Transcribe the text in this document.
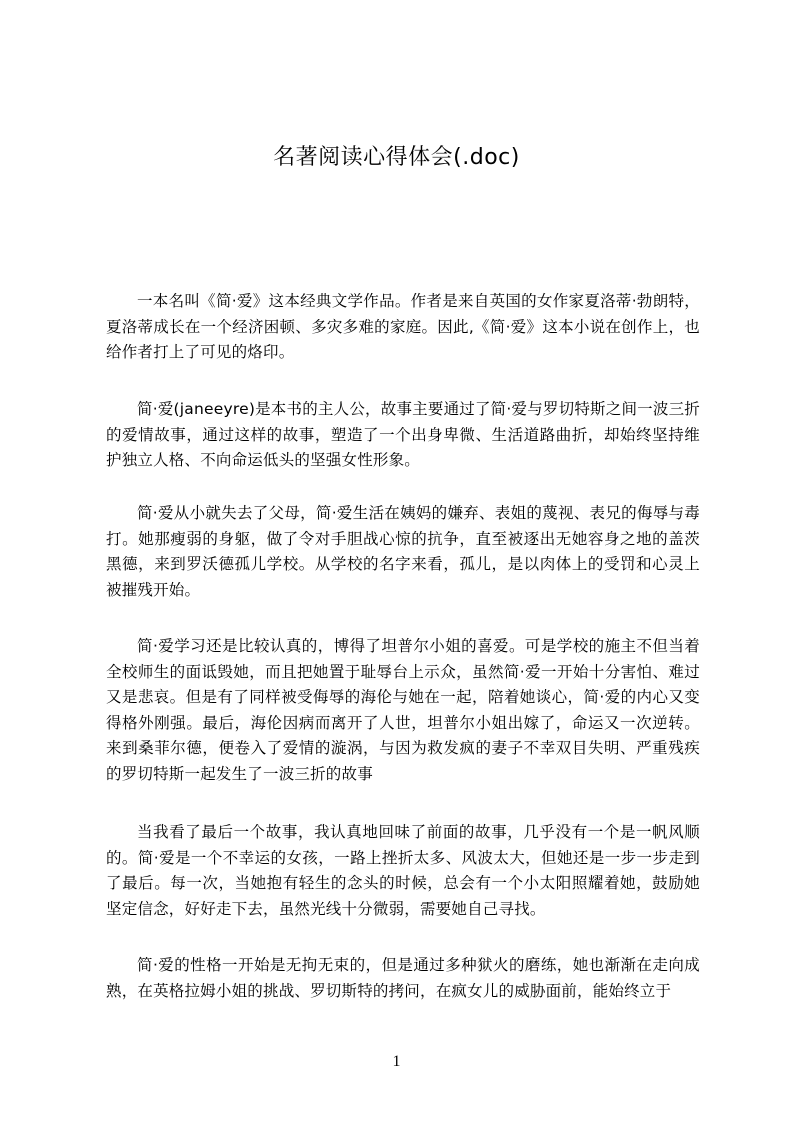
名著阅读心得体会(.doc)

一本名叫《简·爱》这本经典文学作品。作者是来自英国的女作家夏洛蒂·勃朗特，夏洛蒂成长在一个经济困顿、多灾多难的家庭。因此,《简·爱》这本小说在创作上，也给作者打上了可见的烙印。

简·爱(janeeyre)是本书的主人公，故事主要通过了简·爱与罗切特斯之间一波三折的爱情故事，通过这样的故事，塑造了一个出身卑微、生活道路曲折，却始终坚持维护独立人格、不向命运低头的坚强女性形象。

简·爱从小就失去了父母，简·爱生活在姨妈的嫌弃、表姐的蔑视、表兄的侮辱与毒打。她那瘦弱的身躯，做了令对手胆战心惊的抗争，直至被逐出无她容身之地的盖茨黑德，来到罗沃德孤儿学校。从学校的名字来看，孤儿，是以肉体上的受罚和心灵上被摧残开始。

简·爱学习还是比较认真的，博得了坦普尔小姐的喜爱。可是学校的施主不但当着全校师生的面诋毁她，而且把她置于耻辱台上示众，虽然简·爱一开始十分害怕、难过又是悲哀。但是有了同样被受侮辱的海伦与她在一起，陪着她谈心，简·爱的内心又变得格外刚强。最后，海伦因病而离开了人世，坦普尔小姐出嫁了，命运又一次逆转。来到桑菲尔德，便卷入了爱情的漩涡，与因为救发疯的妻子不幸双目失明、严重残疾的罗切特斯一起发生了一波三折的故事

当我看了最后一个故事，我认真地回味了前面的故事，几乎没有一个是一帆风顺的。简·爱是一个不幸运的女孩，一路上挫折太多、风波太大，但她还是一步一步走到了最后。每一次，当她抱有轻生的念头的时候，总会有一个小太阳照耀着她，鼓励她坚定信念，好好走下去，虽然光线十分微弱，需要她自己寻找。

简·爱的性格一开始是无拘无束的，但是通过多种狱火的磨练，她也渐渐在走向成熟，在英格拉姆小姐的挑战、罗切斯特的拷问，在疯女儿的威胁面前，能始终立于

1
